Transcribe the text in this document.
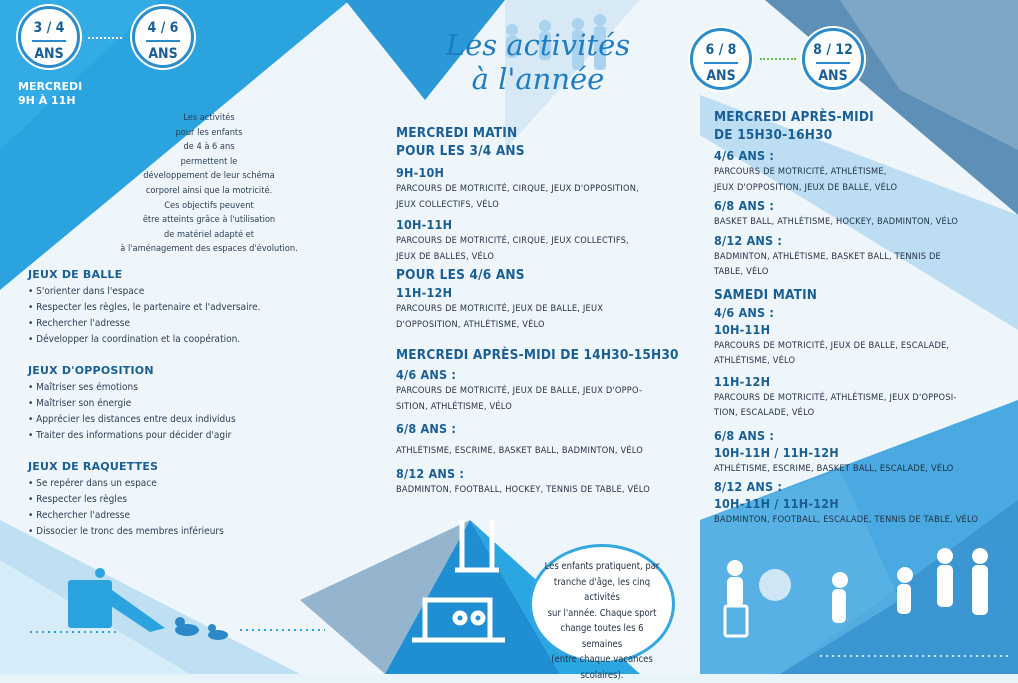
3 / 4
ANS
4 / 6
ANS	6 / 8
ANS
8 / 12
ANS
MERCREDI
9H À 11H
Les activités
à l'année
Les activités
pour les enfants
de 4 à 6 ans
permettent le
développement de leur schéma
corporel ainsi que la motricité.
Ces objectifs peuvent
être atteints grâce à l'utilisation
de matériel adapté et
à l'aménagement des espaces d'évolution.
JEUX DE BALLE
• S'orienter dans l'espace
• Respecter les règles, le partenaire et l'adversaire.
• Rechercher l'adresse
• Développer la coordination et la coopération.
JEUX D'OPPOSITION
• Maîtriser ses émotions
• Maîtriser son énergie
• Apprécier les distances entre deux individus
• Traiter des informations pour décider d'agir
JEUX DE RAQUETTES
• Se repérer dans un espace
• Respecter les règles
• Rechercher l'adresse
• Dissocier le tronc des membres inférieurs
MERCREDI MATIN
POUR LES 3/4 ANS
9H-10H
PARCOURS DE MOTRICITÉ, CIRQUE, JEUX D'OPPOSITION,
JEUX COLLECTIFS, VÉLO
10H-11H
PARCOURS DE MOTRICITÉ, CIRQUE, JEUX COLLECTIFS,
JEUX DE BALLES, VÉLO
POUR LES 4/6 ANS
11H-12H
PARCOURS DE MOTRICITÉ, JEUX DE BALLE, JEUX
D'OPPOSITION, ATHLÉTISME, VÉLO
MERCREDI APRÈS-MIDI DE 14H30-15H30
4/6 ANS :
PARCOURS DE MOTRICITÉ, JEUX DE BALLE, JEUX D'OPPO-
SITION, ATHLÉTISME, VÉLO
6/8 ANS :
ATHLÉTISME, ESCRIME, BASKET BALL, BADMINTON, VÉLO
8/12 ANS :
BADMINTON, FOOTBALL, HOCKEY, TENNIS DE TABLE, VÉLO
MERCREDI APRÈS-MIDI
DE 15H30-16H30
4/6 ANS :
PARCOURS DE MOTRICITÉ, ATHLÉTISME,
JEUX D'OPPOSITION, JEUX DE BALLE, VÉLO
6/8 ANS :
BASKET BALL, ATHLÉTISME, HOCKEY, BADMINTON, VÉLO
8/12 ANS :
BADMINTON, ATHLÉTISME, BASKET BALL, TENNIS DE
TABLE, VÉLO
SAMEDI MATIN
4/6 ANS :
10H-11H
PARCOURS DE MOTRICITÉ, JEUX DE BALLE, ESCALADE,
ATHLÉTISME, VÉLO
11H-12H
PARCOURS DE MOTRICITÉ, ATHLÉTISME, JEUX D'OPPOSI-
TION, ESCALADE, VÉLO
6/8 ANS :
10H-11H / 11H-12H
ATHLÉTISME, ESCRIME, BASKET BALL, ESCALADE, VÉLO
8/12 ANS :
10H-11H / 11H-12H
BADMINTON, FOOTBALL, ESCALADE, TENNIS DE TABLE, VÉLO
Les enfants pratiquent, par
tranche d'âge, les cinq activités
sur l'année. Chaque sport
change toutes les 6 semaines
(entre chaque vacances
scolaires).
